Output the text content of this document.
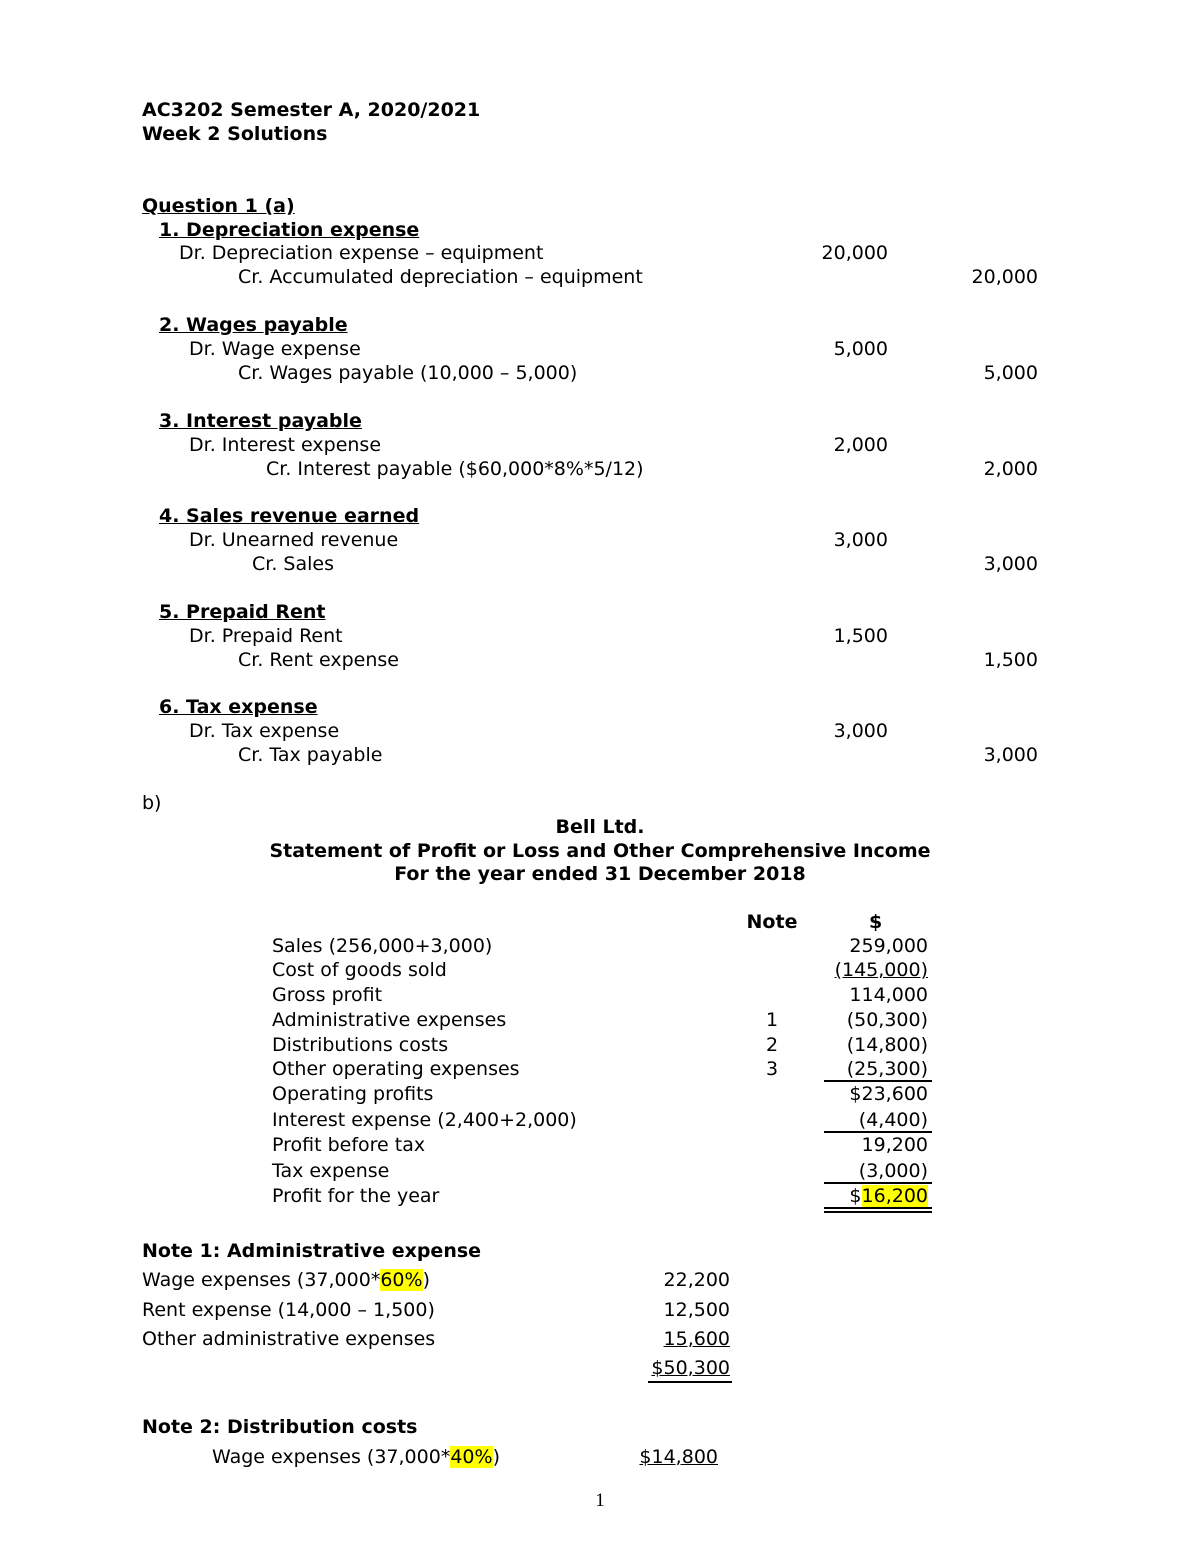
AC3202 Semester A, 2020/2021
Week 2 Solutions
Question 1 (a)
1. Depreciation expense
Dr. Depreciation expense – equipment	20,000
Cr. Accumulated depreciation – equipment	20,000
2. Wages payable
Dr. Wage expense	5,000
Cr. Wages payable (10,000 – 5,000)	5,000
3. Interest payable
Dr. Interest expense	2,000
Cr. Interest payable ($60,000*8%*5/12)	2,000
4. Sales revenue earned
Dr. Unearned revenue	3,000
Cr. Sales	3,000
5. Prepaid Rent
Dr. Prepaid Rent	1,500
Cr. Rent expense	1,500
6. Tax expense
Dr. Tax expense	3,000
Cr. Tax payable	3,000
b)
Bell Ltd.
Statement of Profit or Loss and Other Comprehensive Income
For the year ended 31 December 2018
Note	$
Sales (256,000+3,000)	259,000
Cost of goods sold	(145,000)
Gross profit	114,000
Administrative expenses	1	(50,300)
Distributions costs	2	(14,800)
Other operating expenses	3	(25,300)
Operating profits	$23,600
Interest expense (2,400+2,000)	(4,400)
Profit before tax	19,200
Tax expense	(3,000)
Profit for the year	$16,200
Note 1: Administrative expense
Wage expenses (37,000*60%)	22,200
Rent expense (14,000 – 1,500)	12,500
Other administrative expenses	15,600
$50,300
Note 2: Distribution costs
Wage expenses (37,000*40%)	$14,800
1
